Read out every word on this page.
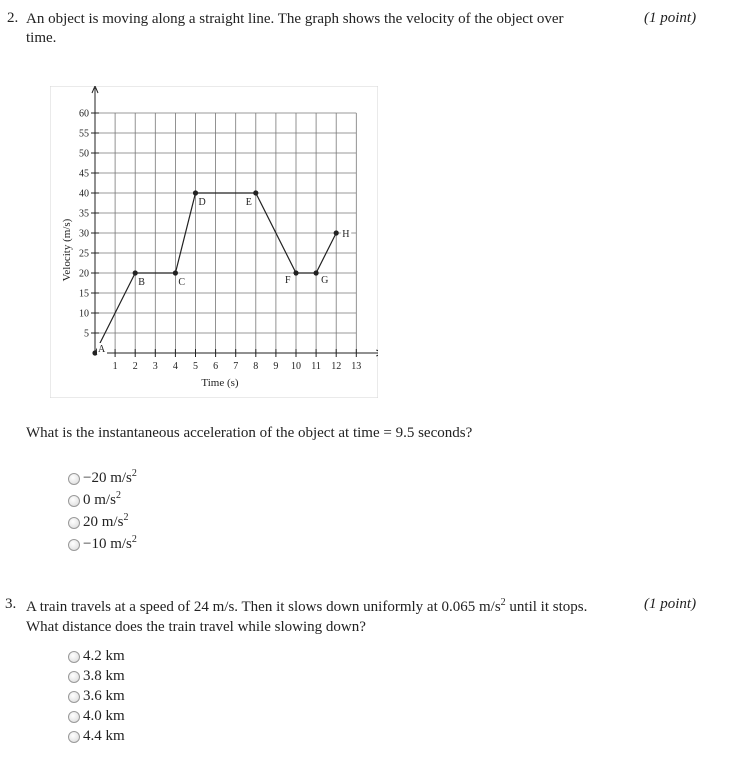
2. An object is moving along a straight line. The graph shows the velocity of the object over
time.
(1 point)
5
10
15
20
25
30
35
40
45
50
55
60
1 2 3 4 5 6 7 8 9 10 11 12 13
A
B	C
D	E
F	G
H
Time (s)
Velocity (m/s)
What is the instantaneous acceleration of the object at time = 9.5 seconds?
−20 $m/s^2$
0 $m/s^2$
20 $m/s^2$
−10 $m/s^2$
3. A train travels at a speed of 24 m/s. Then it slows down uniformly at 0.065 $m/s^2$ until it stops.
What distance does the train travel while slowing down?
(1 point)
4.2 km
3.8 km
3.6 km
4.0 km
4.4 km
